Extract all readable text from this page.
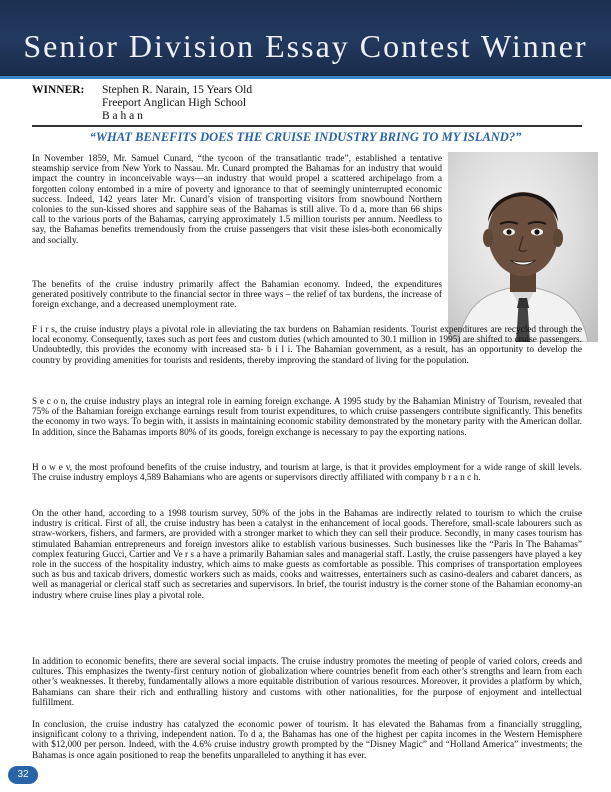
Senior Division Essay Contest Winner
WINNER: Stephen R. Narain, 15 Years Old
Freeport Anglican High School
B a h a n
“WHAT BENEFITS DOES THE CRUISE INDUSTRY BRING TO MY ISLAND?”

In November 1859, Mr. Samuel Cunard, “the tycoon of the transatlantic trade”, established a tentative steamship service from New York to Nassau. Mr. Cunard prompted the Bahamas for an industry that would impact the country in inconceivable ways—an industry that would propel a scattered archipelago from a forgotten colony entombed in a mire of poverty and ignorance to that of seemingly uninterrupted economic success. Indeed, 142 years later Mr. Cunard’s vision of transporting visitors from snowbound Northern colonies to the sun-kissed shores and sapphire seas of the Bahamas is still alive. To d a, more than 66 ships call to the various ports of the Bahamas, carrying approximately 1.5 million tourists per annum. Needless to say, the Bahamas benefits tremendously from the cruise passengers that visit these isles-both economically and socially.

The benefits of the cruise industry primarily affect the Bahamian economy. Indeed, the expenditures generated positively contribute to the financial sector in three ways – the relief of tax burdens, the increase of foreign exchange, and a decreased unemployment rate.

F i r s, the cruise industry plays a pivotal role in alleviating the tax burdens on Bahamian residents. Tourist expenditures are recycled through the local economy. Consequently, taxes such as port fees and custom duties (which amounted to 30.1 million in 1995) are shifted to cruise passengers. Undoubtedly, this provides the economy with increased sta- b i l i. The Bahamian government, as a result, has an opportunity to develop the country by providing amenities for tourists and residents, thereby improving the standard of living for the population.

S e c o n, the cruise industry plays an integral role in earning foreign exchange. A 1995 study by the Bahamian Ministry of Tourism, revealed that 75% of the Bahamian foreign exchange earnings result from tourist expenditures, to which cruise passengers contribute significantly. This benefits the economy in two ways. To begin with, it assists in maintaining economic stability demonstrated by the monetary parity with the American dollar. In addition, since the Bahamas imports 80% of its goods, foreign exchange is necessary to pay the exporting nations.

H o w e v, the most profound benefits of the cruise industry, and tourism at large, is that it provides employment for a wide range of skill levels. The cruise industry employs 4,589 Bahamians who are agents or supervisors directly affiliated with company b r a n c h.

On the other hand, according to a 1998 tourism survey, 50% of the jobs in the Bahamas are indirectly related to tourism to which the cruise industry is critical. First of all, the cruise industry has been a catalyst in the enhancement of local goods. Therefore, small-scale labourers such as straw-workers, fishers, and farmers, are provided with a stronger market to which they can sell their produce. Secondly, in many cases tourism has stimulated Bahamian entrepreneurs and foreign investors alike to establish various businesses. Such businesses like the “Paris In The Bahamas” complex featuring Gucci, Cartier and Ve r s a have a primarily Bahamian sales and managerial staff. Lastly, the cruise passengers have played a key role in the success of the hospitality industry, which aims to make guests as comfortable as possible. This comprises of transportation employees such as bus and taxicab drivers, domestic workers such as maids, cooks and waitresses, entertainers such as casino-dealers and cabaret dancers, as well as managerial or clerical staff such as secretaries and supervisors. In brief, the tourist industry is the corner stone of the Bahamian economy-an industry where cruise lines play a pivotal role.

In addition to economic benefits, there are several social impacts. The cruise industry promotes the meeting of people of varied colors, creeds and cultures. This emphasizes the twenty-first century notion of globalization where countries benefit from each other’s strengths and learn from each other’s weaknesses. It thereby, fundamentally allows a more equitable distribution of various resources. Moreover, it provides a platform by which, Bahamians can share their rich and enthralling history and customs with other nationalities, for the purpose of enjoyment and intellectual fulfillment.

In conclusion, the cruise industry has catalyzed the economic power of tourism. It has elevated the Bahamas from a financially struggling, insignificant colony to a thriving, independent nation. To d a, the Bahamas has one of the highest per capita incomes in the Western Hemisphere with $12,000 per person. Indeed, with the 4.6% cruise industry growth prompted by the “Disney Magic” and “Holland America” investments; the Bahamas is once again positioned to reap the benefits unparalleled to anything it has ever.

32
